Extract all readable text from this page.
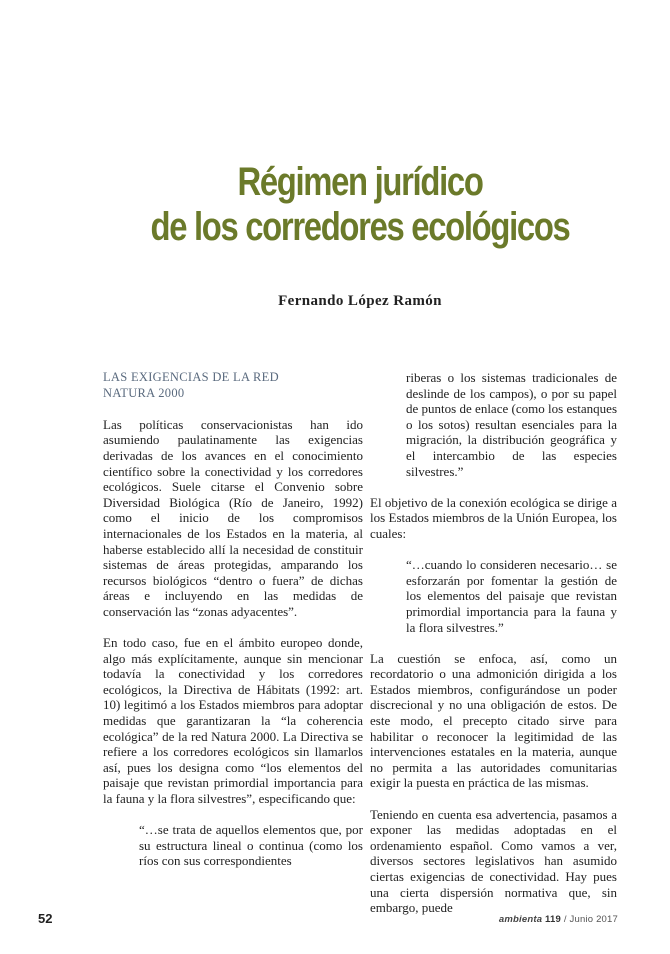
Régimen jurídico
de los corredores ecológicos
Fernando López Ramón
LAS EXIGENCIAS DE LA RED
NATURA 2000

Las políticas conservacionistas han ido asumiendo paulatinamente las exigencias derivadas de los avances en el conocimiento científico sobre la conectividad y los corredores ecológicos. Suele citarse el Convenio sobre Diversidad Biológica (Río de Janeiro, 1992) como el inicio de los compromisos internacionales de los Estados en la materia, al haberse establecido allí la necesidad de constituir sistemas de áreas protegidas, amparando los recursos biológicos “dentro o fuera” de dichas áreas e incluyendo en las medidas de conservación las “zonas adyacentes”.

En todo caso, fue en el ámbito europeo donde, algo más explícitamente, aunque sin mencionar todavía la conectividad y los corredores ecológicos, la Directiva de Hábitats (1992: art. 10) legitimó a los Estados miembros para adoptar medidas que garantizaran la “la coherencia ecológica” de la red Natura 2000. La Directiva se refiere a los corredores ecológicos sin llamarlos así, pues los designa como “los elementos del paisaje que revistan primordial importancia para la fauna y la flora silvestres”, especificando que:

“…se trata de aquellos elementos que, por su estructura lineal o continua (como los ríos con sus correspondientes

riberas o los sistemas tradicionales de deslinde de los campos), o por su papel de puntos de enlace (como los estanques o los sotos) resultan esenciales para la migración, la distribución geográfica y el intercambio de las especies silvestres.”

El objetivo de la conexión ecológica se dirige a los Estados miembros de la Unión Europea, los cuales:

“…cuando lo consideren necesario… se esforzarán por fomentar la gestión de los elementos del paisaje que revistan primordial importancia para la fauna y la flora silvestres.”

La cuestión se enfoca, así, como un recordatorio o una admonición dirigida a los Estados miembros, configurándose un poder discrecional y no una obligación de estos. De este modo, el precepto citado sirve para habilitar o reconocer la legitimidad de las intervenciones estatales en la materia, aunque no permita a las autoridades comunitarias exigir la puesta en práctica de las mismas.

Teniendo en cuenta esa advertencia, pasamos a exponer las medidas adoptadas en el ordenamiento español. Como vamos a ver, diversos sectores legislativos han asumido ciertas exigencias de conectividad. Hay pues una cierta dispersión normativa que, sin embargo, puede

52	ambienta 119 / Junio 2017
